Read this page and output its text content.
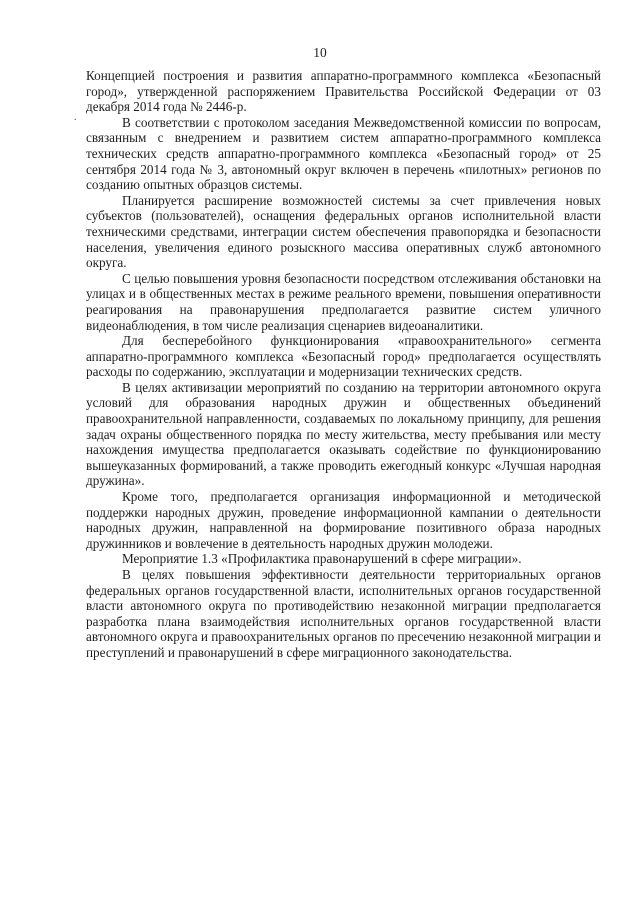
10

.

Концепцией построения и развития аппаратно-программного комплекса «Безопасный город», утвержденной распоряжением Правительства Российской Федерации от 03 декабря 2014 года № 2446-р.

В соответствии с протоколом заседания Межведомственной комиссии по вопросам, связанным с внедрением и развитием систем аппаратно-программного комплекса технических средств аппаратно-программного комплекса «Безопасный город» от 25 сентября 2014 года № 3, автономный округ включен в перечень «пилотных» регионов по созданию опытных образцов системы.

Планируется расширение возможностей системы за счет привлечения новых субъектов (пользователей), оснащения федеральных органов исполнительной власти техническими средствами, интеграции систем обеспечения правопорядка и безопасности населения, увеличения единого розыскного массива оперативных служб автономного округа.

С целью повышения уровня безопасности посредством отслеживания обстановки на улицах и в общественных местах в режиме реального времени, повышения оперативности реагирования на правонарушения предполагается развитие систем уличного видеонаблюдения, в том числе реализация сценариев видеоаналитики.

Для бесперебойного функционирования «правоохранительного» сегмента аппаратно-программного комплекса «Безопасный город» предполагается осуществлять расходы по содержанию, эксплуатации и модернизации технических средств.

В целях активизации мероприятий по созданию на территории автономного округа условий для образования народных дружин и общественных объединений правоохранительной направленности, создаваемых по локальному принципу, для решения задач охраны общественного порядка по месту жительства, месту пребывания или месту нахождения имущества предполагается оказывать содействие по функционированию вышеуказанных формирований, а также проводить ежегодный конкурс «Лучшая народная дружина».

Кроме того, предполагается организация информационной и методической поддержки народных дружин, проведение информационной кампании о деятельности народных дружин, направленной на формирование позитивного образа народных дружинников и вовлечение в деятельность народных дружин молодежи.

Мероприятие 1.3 «Профилактика правонарушений в сфере миграции».

В целях повышения эффективности деятельности территориальных органов федеральных органов государственной власти, исполнительных органов государственной власти автономного округа по противодействию незаконной миграции предполагается разработка плана взаимодействия исполнительных органов государственной власти автономного округа и правоохранительных органов по пресечению незаконной миграции и преступлений и правонарушений в сфере миграционного законодательства.
